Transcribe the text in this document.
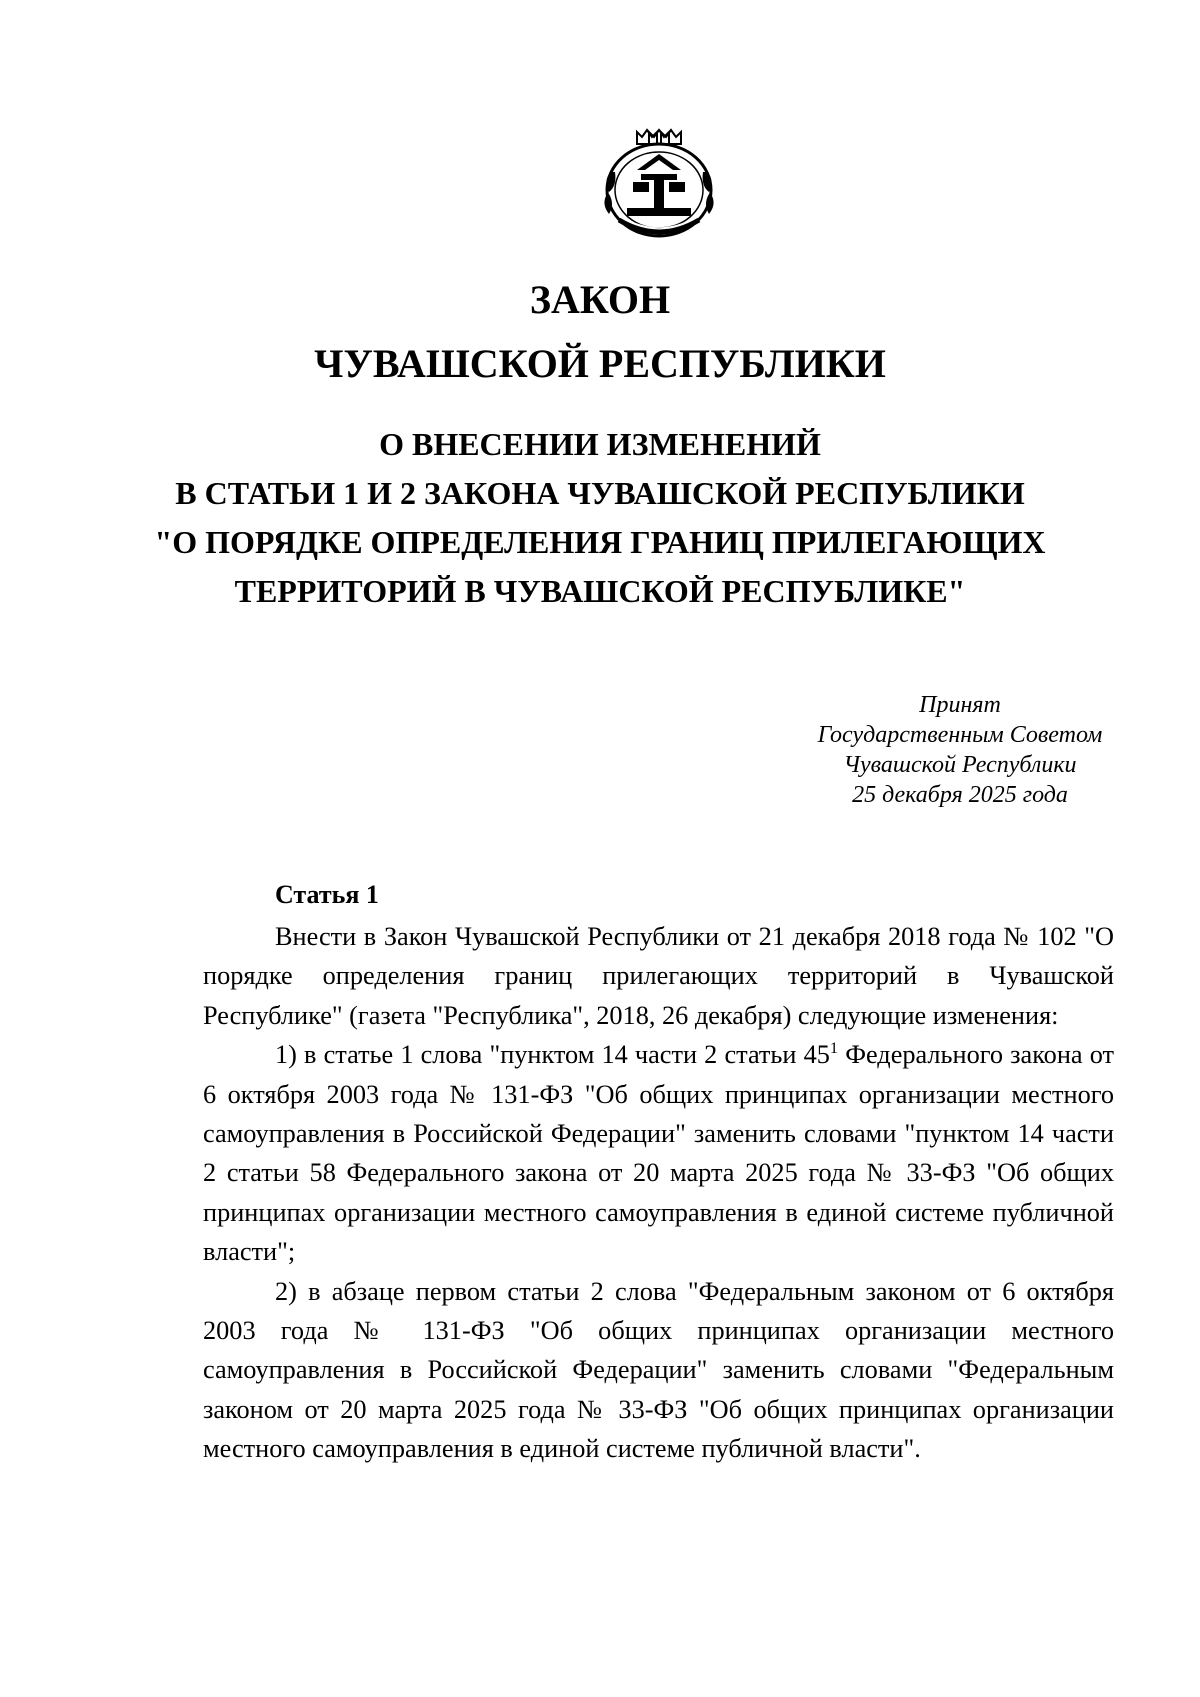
ЗАКОН
ЧУВАШСКОЙ РЕСПУБЛИКИ
О ВНЕСЕНИИ ИЗМЕНЕНИЙ
В СТАТЬИ 1 И 2 ЗАКОНА ЧУВАШСКОЙ РЕСПУБЛИКИ
"О ПОРЯДКЕ ОПРЕДЕЛЕНИЯ ГРАНИЦ ПРИЛЕГАЮЩИХ
ТЕРРИТОРИЙ В ЧУВАШСКОЙ РЕСПУБЛИКЕ"
Принят
Государственным Советом
Чувашской Республики
25 декабря 2025 года
Статья 1

Внести в Закон Чувашской Республики от 21 декабря 2018 года № 102 "О порядке определения границ прилегающих территорий в Чувашской Республике" (газета "Республика", 2018, 26 декабря) следующие изменения:

1) в статье 1 слова "пунктом 14 части 2 статьи $45^1$ Федерального закона от 6 октября 2003 года № 131-ФЗ "Об общих принципах организации местного самоуправления в Российской Федерации" заменить словами "пунктом 14 части 2 статьи 58 Федерального закона от 20 марта 2025 года № 33-ФЗ "Об общих принципах организации местного самоуправления в единой системе публичной власти";

2) в абзаце первом статьи 2 слова "Федеральным законом от 6 октября 2003 года № 131-ФЗ "Об общих принципах организации местного самоуправления в Российской Федерации" заменить словами "Федеральным законом от 20 марта 2025 года № 33-ФЗ "Об общих принципах организации местного самоуправления в единой системе публичной власти".
